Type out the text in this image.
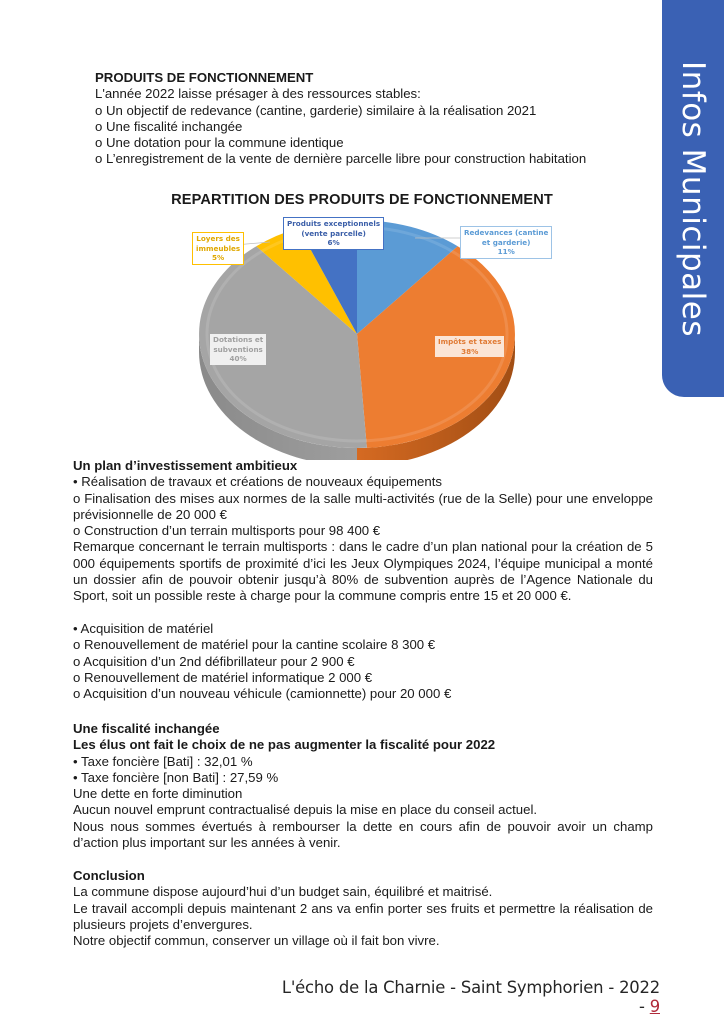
Infos Municipales

PRODUITS DE FONCTIONNEMENT

L'année 2022 laisse présager à des ressources stables:

o Un objectif de redevance (cantine, garderie) similaire à la réalisation 2021

o Une fiscalité inchangée

o Une dotation pour la commune identique

o L’enregistrement de la vente de dernière parcelle libre pour construction habitation

REPARTITION DES PRODUITS DE FONCTIONNEMENT
Loyers des
immeubles
5%
Produits exceptionnels
(vente parcelle)
6%
Redevances (cantine
et garderie)
11%
Impôts et taxes
38%
Dotations et
subventions
40%

Un plan d’investissement ambitieux

• Réalisation de travaux et créations de nouveaux équipements

o Finalisation des mises aux normes de la salle multi-activités (rue de la Selle) pour une enveloppe prévisionnelle de 20 000 €

o Construction d’un terrain multisports pour 98 400 €

Remarque concernant le terrain multisports : dans le cadre d’un plan national pour la création de 5 000 équipements sportifs de proximité d’ici les Jeux Olympiques 2024, l’équipe municipal a monté un dossier afin de pouvoir obtenir jusqu’à 80% de subvention auprès de l’Agence Nationale du Sport, soit un possible reste à charge pour la commune compris entre 15 et 20 000 €.

• Acquisition de matériel

o Renouvellement de matériel pour la cantine scolaire 8 300 €

o Acquisition d’un 2nd défibrillateur pour 2 900 €

o Renouvellement de matériel informatique 2 000 €

o Acquisition d’un nouveau véhicule (camionnette) pour 20 000 €

Une fiscalité inchangée

Les élus ont fait le choix de ne pas augmenter la fiscalité pour 2022

• Taxe foncière [Bati] : 32,01 %

• Taxe foncière [non Bati] : 27,59 %

Une dette en forte diminution

Aucun nouvel emprunt contractualisé depuis la mise en place du conseil actuel.

Nous nous sommes évertués à rembourser la dette en cours afin de pouvoir avoir un champ d’action plus important sur les années à venir.

Conclusion

La commune dispose aujourd’hui d’un budget sain, équilibré et maitrisé.

Le travail accompli depuis maintenant 2 ans va enfin porter ses fruits et permettre la réalisation de plusieurs projets d’envergures.

Notre objectif commun, conserver un village où il fait bon vivre.

L'écho de la Charnie - Saint Symphorien - 2022 - 9
